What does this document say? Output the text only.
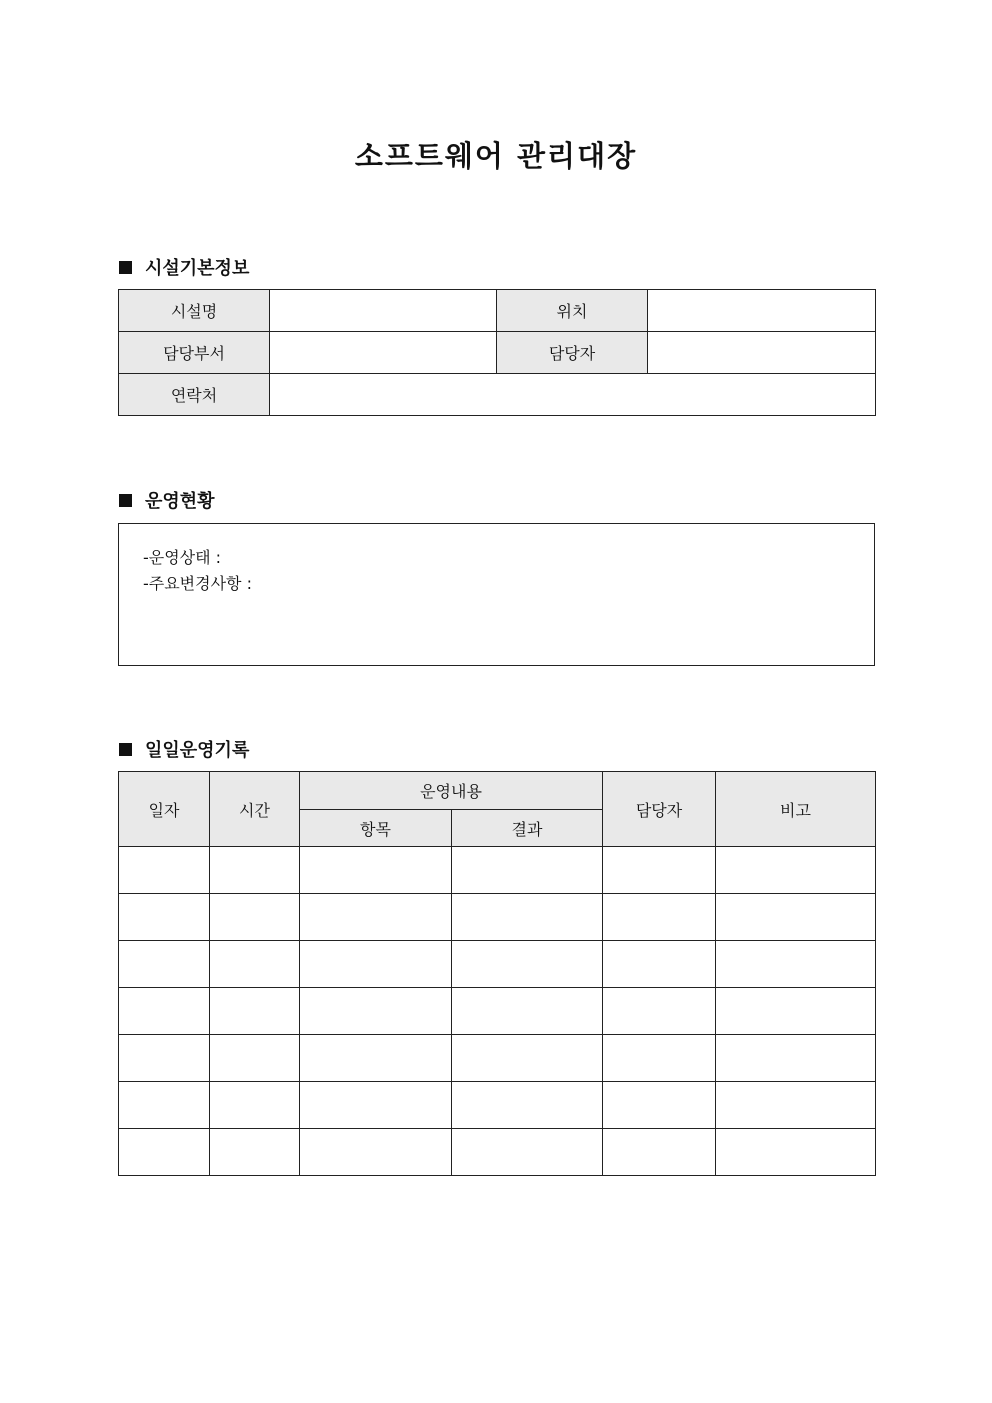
소프트웨어 관리대장
시설기본정보
시설명		위치	
담당부서		담당자	
연락처			
운영현황
-운영상태 :
-주요변경사항 :
일일운영기록
일자	시간	운영내용		담당자	비고
		항목	결과		
